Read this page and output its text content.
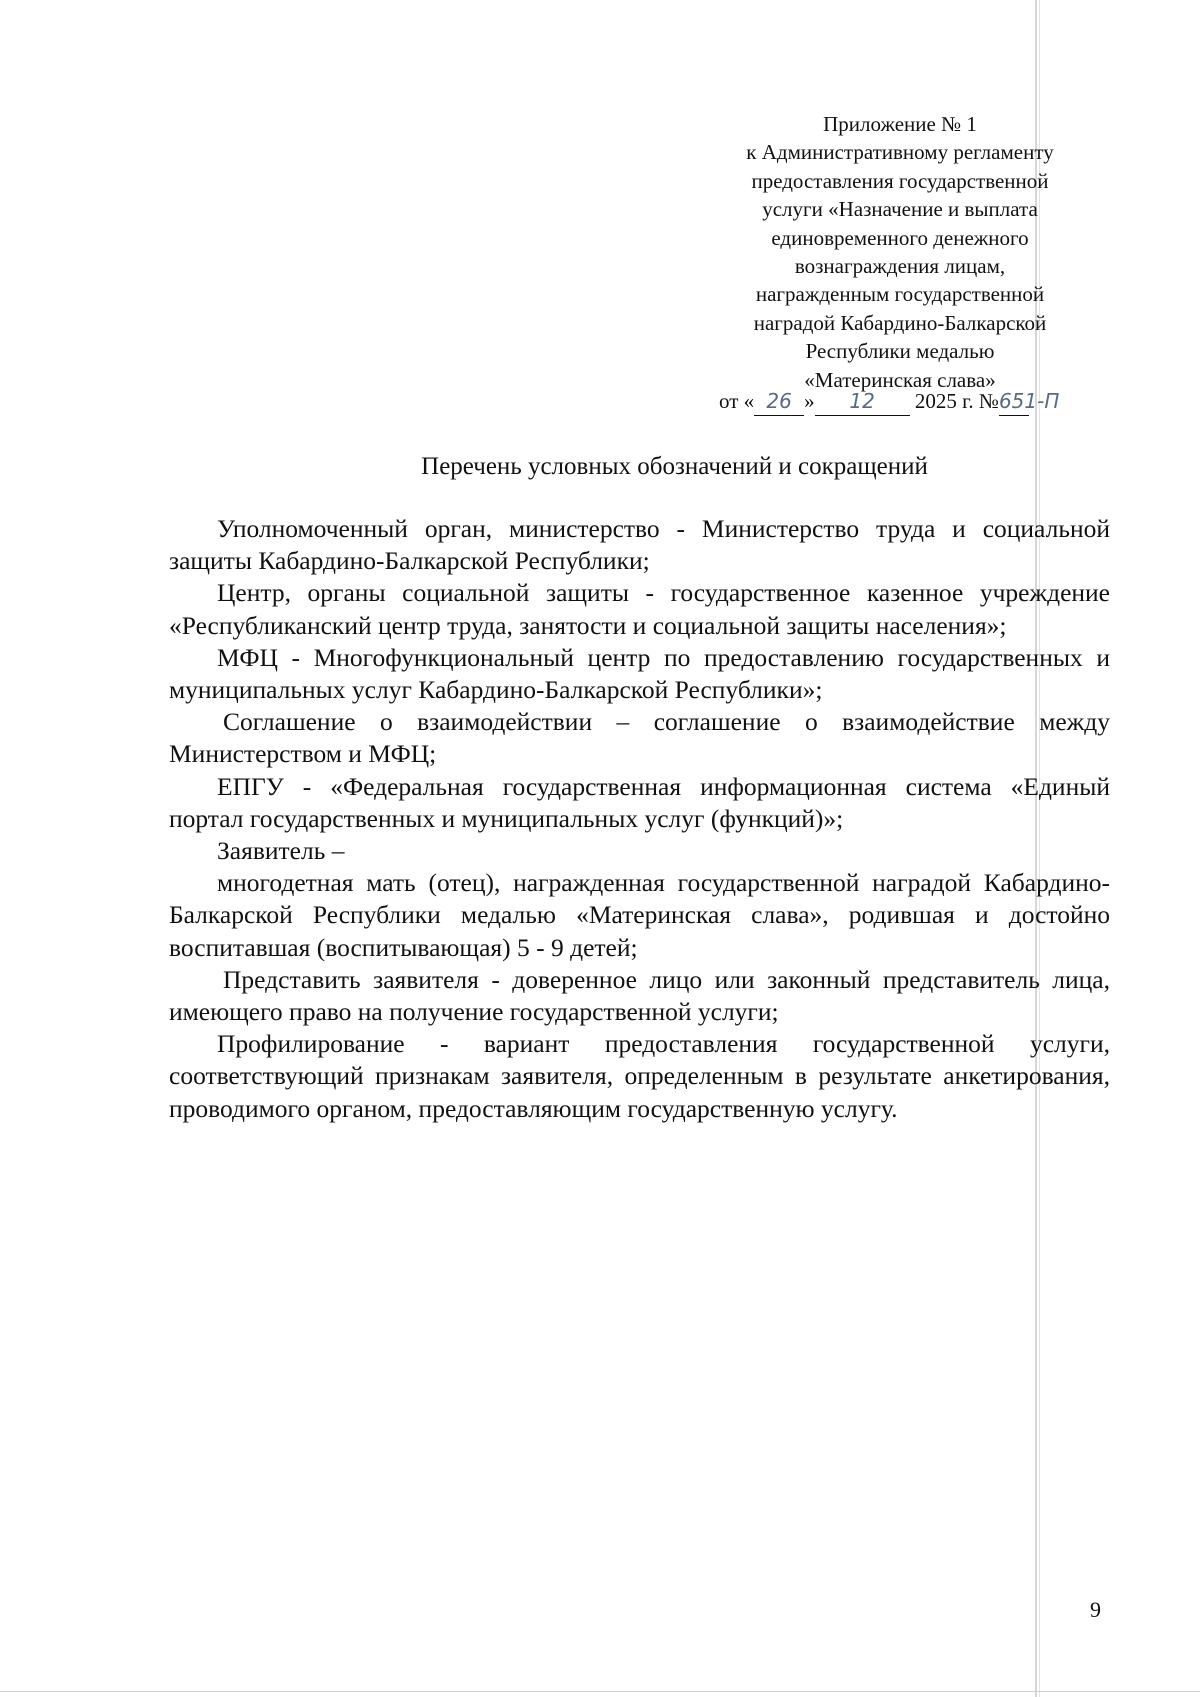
Приложение № 1
к Административному регламенту
предоставления государственной
услуги «Назначение и выплата
единовременного денежного
вознаграждения лицам,
награжденным государственной
наградой Кабардино-Балкарской
Республики медалью
«Материнская слава»
от « 26 » 12 2025 г. №651-П
Перечень условных обозначений и сокращений

Уполномоченный орган, министерство - Министерство труда и социальной защиты Кабардино-Балкарской Республики;

Центр, органы социальной защиты - государственное казенное учреждение «Республиканский центр труда, занятости и социальной защиты населения»;

МФЦ - Многофункциональный центр по предоставлению государственных и муниципальных услуг Кабардино-Балкарской Республики»;

Соглашение о взаимодействии – соглашение о взаимодействие между Министерством и МФЦ;

ЕПГУ - «Федеральная государственная информационная система «Единый портал государственных и муниципальных услуг (функций)»;

Заявитель –

многодетная мать (отец), награжденная государственной наградой Кабардино-Балкарской Республики медалью «Материнская слава», родившая и достойно воспитавшая (воспитывающая) 5 - 9 детей;

Представить заявителя - доверенное лицо или законный представитель лица, имеющего право на получение государственной услуги;

Профилирование - вариант предоставления государственной услуги, соответствующий признакам заявителя, определенным в результате анкетирования, проводимого органом, предоставляющим государственную услугу.

9
